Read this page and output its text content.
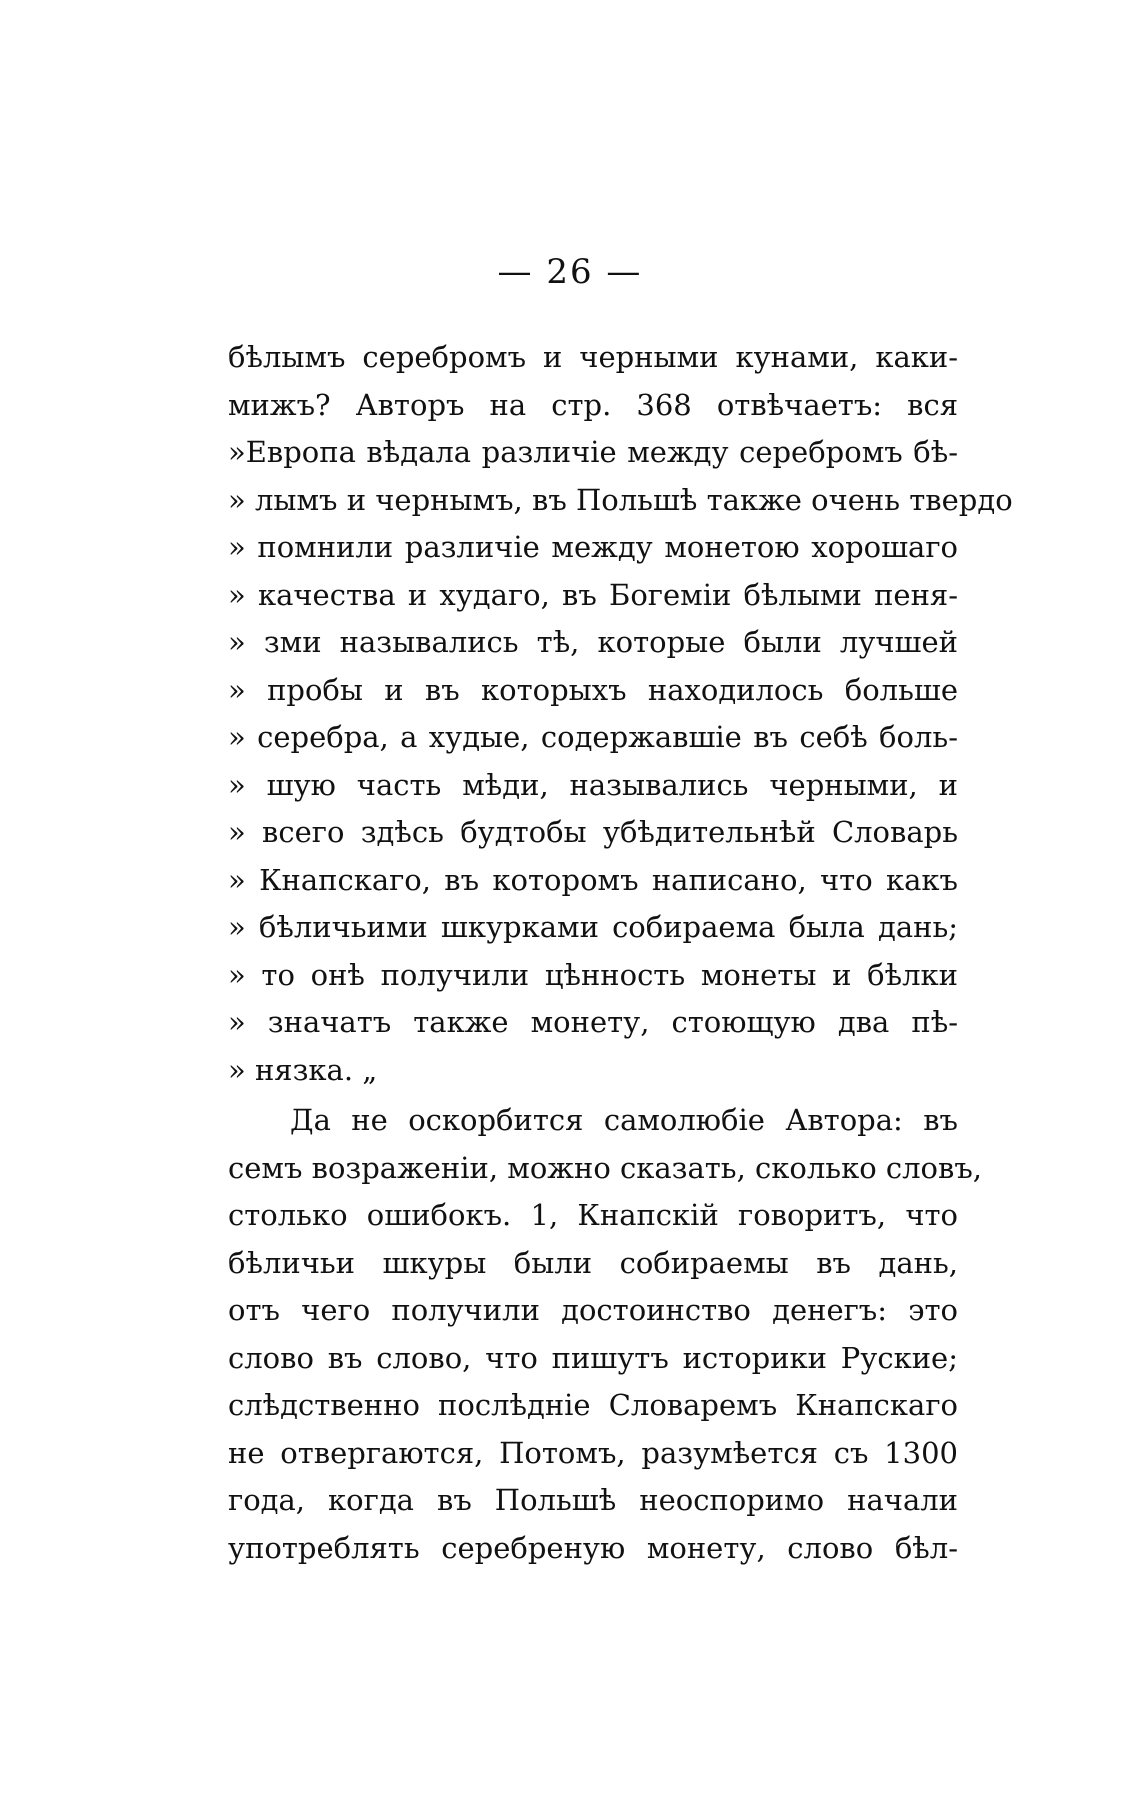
— 26 —
бѣлымъ серебромъ и черными кунами, каки-
мижъ? Авторъ на стр. 368 отвѣчаетъ: вся
»Европа вѣдала различіе между серебромъ бѣ-
» лымъ и чернымъ, въ Польшѣ также очень твердо
» помнили различіе между монетою хорошаго
» качества и худаго, въ Богеміи бѣлыми пеня-
» зми назывались тѣ, которые были лучшей
» пробы и въ которыхъ находилось больше
» серебра, а худые, содержавшіе въ себѣ боль-
» шую часть мѣди, назывались черными, и
» всего здѣсь будтобы убѣдительнѣй Словарь
» Кнапскаго, въ которомъ написано, что какъ
» бѣличьими шкурками собираема была дань;
» то онѣ получили цѣнность монеты и бѣлки
» значатъ также монету, стоющую два пѣ-
» нязка. „
Да не оскорбится самолюбіе Автора: въ
семъ возраженіи, можно сказать, сколько словъ,
столько ошибокъ. 1, Кнапскій говоритъ, что
бѣличьи шкуры были собираемы въ дань,
отъ чего получили достоинство денегъ: это
слово въ слово, что пишутъ историки Руские;
слѣдственно послѣдніе Словаремъ Кнапскаго
не отвергаются, Потомъ, разумѣется съ 1300
года, когда въ Польшѣ неоспоримо начали
употреблять серебреную монету, слово бѣл-
